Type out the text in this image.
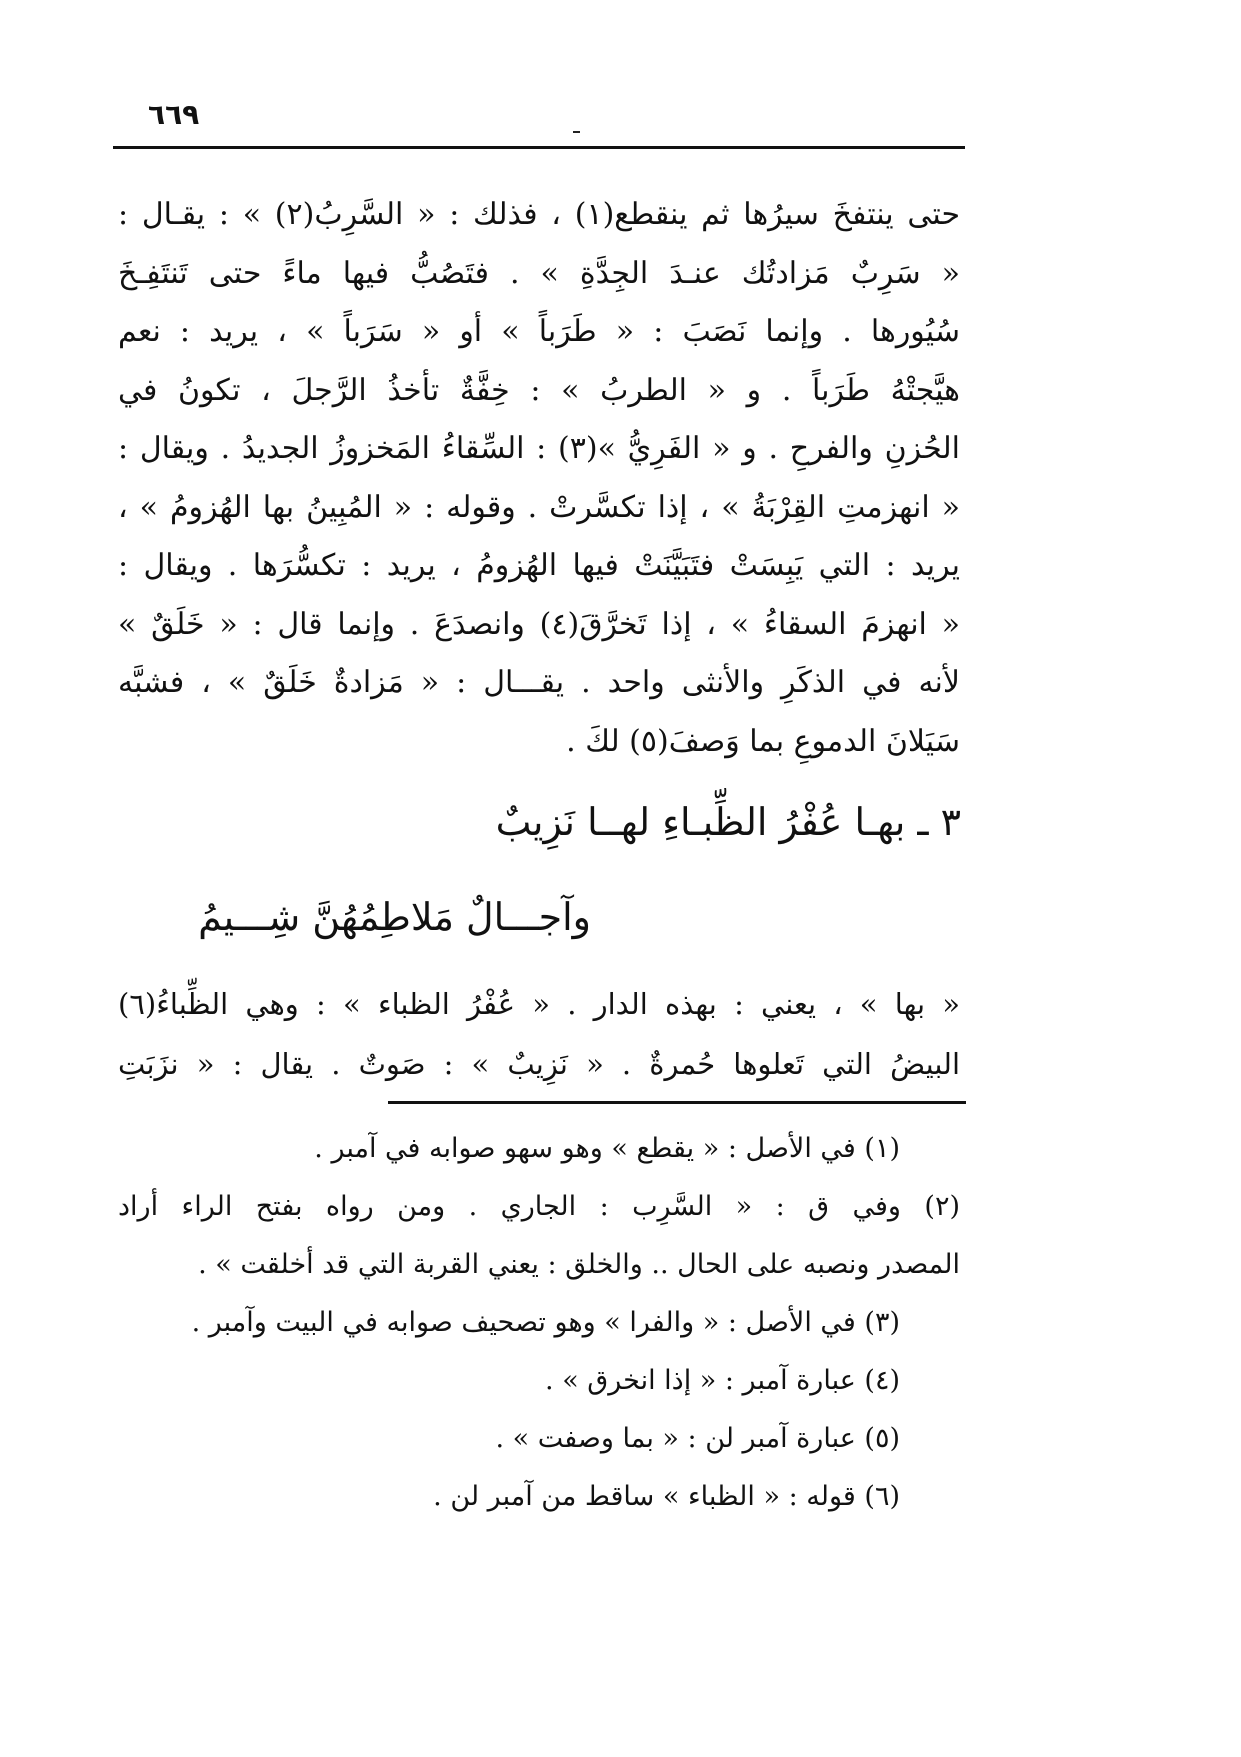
٦٦٩
حتى ينتفخَ سيرُها ثم ينقطع(١) ، فذلك : « السَّرِبُ(٢) » : يقـال :
« سَرِبٌ مَزادتُك عنـدَ الجِدَّةِ » . فتَصُبُّ فيها ماءً حتى تَنتَفِـخَ
سُيُورها . وإنما نَصَبَ : « طَرَباً » أو « سَرَباً » ، يريد : نعم
هيَّجتْهُ طَرَباً . و « الطربُ » : خِفَّةٌ تأخذُ الرَّجلَ ، تكونُ في
الحُزنِ والفرحِ . و « الفَرِيُّ »(٣) : السِّقاءُ المَخزوزُ الجديدُ . ويقال :
« انهزمتِ القِرْبَةُ » ، إذا تكسَّرتْ . وقوله : « المُبِينُ بها الهُزومُ » ،
يريد : التي يَبِسَتْ فتَبَيَّنَتْ فيها الهُزومُ ، يريد : تكسُّرَها . ويقال :
« انهزمَ السقاءُ » ، إذا تَخرَّقَ(٤) وانصدَعَ . وإنما قال : « خَلَقٌ »
لأنه في الذكَرِ والأنثى واحد . يقـــال : « مَزادةٌ خَلَقٌ » ، فشبَّه
سَيَلانَ الدموعِ بما وَصفَ(٥) لكَ .
٣ ـ بهـا عُفْرُ الظِّبـاءِ لهــا نَزِيبٌ
وآجـــالٌ مَلاطِمُهُنَّ شِـــيمُ
« بها » ، يعني : بهذه الدار . « عُفْرُ الظباء » : وهي الظِّباءُ(٦)
البيضُ التي تَعلوها حُمرةٌ . « نَزِيبٌ » : صَوتٌ . يقال : « نزَبَتِ
(١) في الأصل : « يقطع » وهو سهو صوابه في آمبر .
(٢) وفي ق : « السَّرِب : الجاري . ومن رواه بفتح الراء أراد
المصدر ونصبه على الحال .. والخلق : يعني القربة التي قد أخلقت » .
(٣) في الأصل : « والفرا » وهو تصحيف صوابه في البيت وآمبر .
(٤) عبارة آمبر : « إذا انخرق » .
(٥) عبارة آمبر لن : « بما وصفت » .
(٦) قوله : « الظباء » ساقط من آمبر لن .
